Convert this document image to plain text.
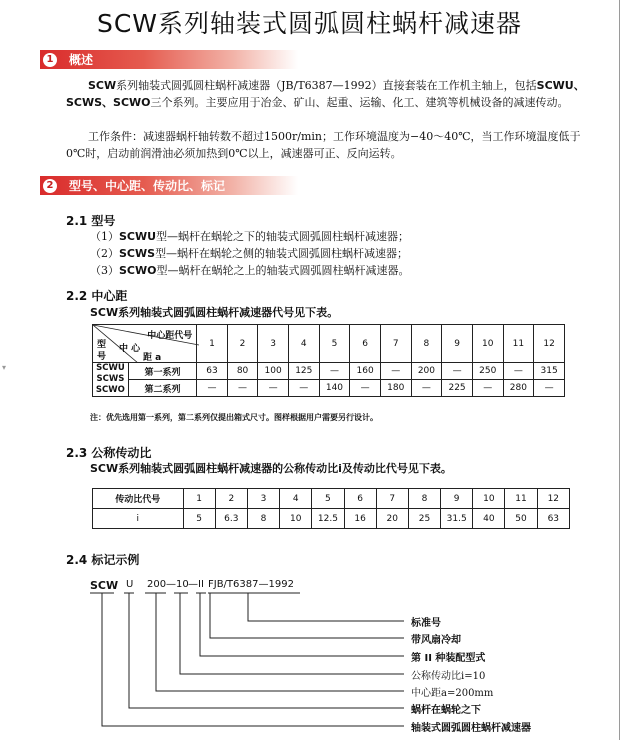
▾
SCW系列轴装式圆弧圆柱蜗杆减速器
1 概述
SCW系列轴装式圆弧圆柱蜗杆减速器（JB/T6387—1992）直接套装在工作机主轴上，包括SCWU、SCWS、SCWO三个系列。主要应用于冶金、矿山、起重、运输、化工、建筑等机械设备的减速传动。
工作条件：减速器蜗杆轴转数不超过1500r/min；工作环境温度为−40～40℃，当工作环境温度低于0℃时，启动前润滑油必须加热到0℃以上，减速器可正、反向运转。
2 型号、中心距、传动比、标记
2.1 型号
（1）SCWU型—蜗杆在蜗轮之下的轴装式圆弧圆柱蜗杆减速器；
（2）SCWS型—蜗杆在蜗轮之侧的轴装式圆弧圆柱蜗杆减速器；
（3）SCWO型—蜗杆在蜗轮之上的轴装式圆弧圆柱蜗杆减速器。
2.2 中心距
SCW系列轴装式圆弧圆柱蜗杆减速器代号见下表。
中心距代号
型
号
中 心
距 a		1	2	3	4	5	6	7	8	9	10	11	12

SCWU
SCWS
SCWO	第一系列	63	80	100	125	—	160	—	200	—	250	—	315
	第二系列	—	—	—	—	140	—	180	—	225	—	280	—
注：优先选用第一系列，第二系列仅提出箱式尺寸。图样根据用户需要另行设计。
2.3 公称传动比
SCW系列轴装式圆弧圆柱蜗杆减速器的公称传动比i及传动比代号见下表。
传动比代号	1	2	3	4	5	6	7	8	9	10	11	12
i	5	6.3	8	10	12.5	16	20	25	31.5	40	50	63
2.4 标记示例
SCW U 200 — 10 — II FJB/T6387—1992
标准号
带风扇冷却
第 II 种装配型式
公称传动比i=10
中心距a=200mm
蜗杆在蜗轮之下
轴装式圆弧圆柱蜗杆减速器
